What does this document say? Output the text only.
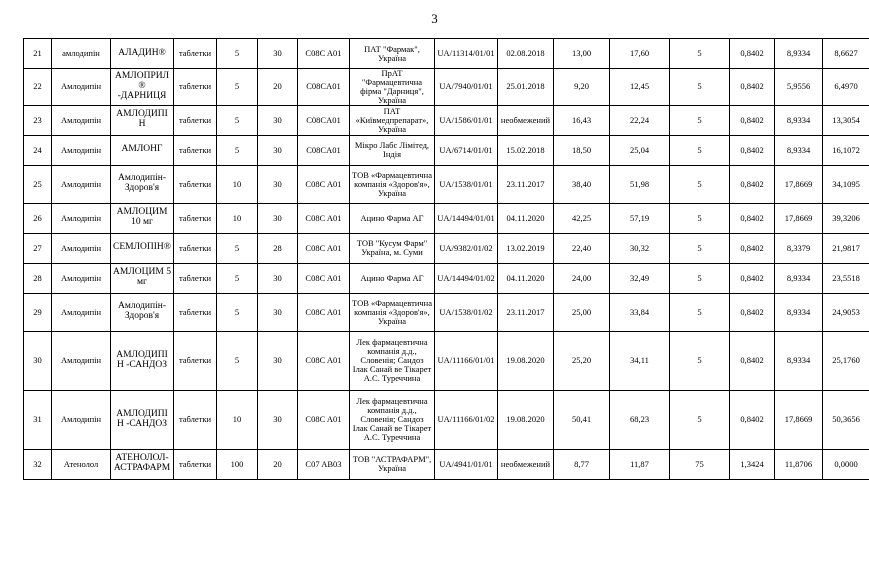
3
21	амлодипін	АЛАДИН®	таблетки	5	30	C08C A01	ПАТ "Фармак", Україна	UA/11314/01/01	02.08.2018	13,00	17,60	5	0,8402	8,9334	8,6627
22	Амлодипін	АМЛОПРИЛ® -ДАРНИЦЯ	таблетки	5	20	C08CA01	ПрАТ "Фармацевтична фірма "Дарниця", Україна	UA/7940/01/01	25.01.2018	9,20	12,45	5	0,8402	5,9556	6,4970
23	Амлодипін	АМЛОДИПІН	таблетки	5	30	C08CA01	ПАТ «Київмедпрепарат», Україна	UA/1586/01/01	необмежений	16,43	22,24	5	0,8402	8,9334	13,3054
24	Амлодипін	АМЛОНГ	таблетки	5	30	C08CA01	Мікро Лабс Лімітед, Індія	UA/6714/01/01	15.02.2018	18,50	25,04	5	0,8402	8,9334	16,1072
25	Амлодипін	Амлодипін-Здоров'я	таблетки	10	30	C08C A01	ТОВ «Фармацевтична компанія «Здоров'я», Україна	UA/1538/01/01	23.11.2017	38,40	51,98	5	0,8402	17,8669	34,1095
26	Амлодипін	АМЛОЦИМ 10 мг	таблетки	10	30	C08C A01	Ацино Фарма АГ	UA/14494/01/01	04.11.2020	42,25	57,19	5	0,8402	17,8669	39,3206
27	Амлодипін	СЕМЛОПІН®	таблетки	5	28	C08C A01	ТОВ "Кусум Фарм" Україна, м. Суми	UA/9382/01/02	13.02.2019	22,40	30,32	5	0,8402	8,3379	21,9817
28	Амлодипін	АМЛОЦИМ 5 мг	таблетки	5	30	C08C A01	Ацино Фарма АГ	UA/14494/01/02	04.11.2020	24,00	32,49	5	0,8402	8,9334	23,5518
29	Амлодипін	Амлодипін-Здоров'я	таблетки	5	30	C08C A01	ТОВ «Фармацевтична компанія «Здоров'я», Україна	UA/1538/01/02	23.11.2017	25,00	33,84	5	0,8402	8,9334	24,9053
30	Амлодипін	АМЛОДИПІН -САНДОЗ	таблетки	5	30	C08C A01	Лек фармацевтична компанія д.д., Словенія; Сандоз Ілак Санай ве Тікарет А.С. Туреччина	UA/11166/01/01	19.08.2020	25,20	34,11	5	0,8402	8,9334	25,1760
31	Амлодипін	АМЛОДИПІН -САНДОЗ	таблетки	10	30	C08C A01	Лек фармацевтична компанія д.д., Словенія; Сандоз Ілак Санай ве Тікарет А.С. Туреччина	UA/11166/01/02	19.08.2020	50,41	68,23	5	0,8402	17,8669	50,3656
32	Атенолол	АТЕНОЛОЛ-АСТРАФАРМ	таблетки	100	20	C07 AB03	ТОВ "АСТРАФАРМ", Україна	UA/4941/01/01	необмежений	8,77	11,87	75	1,3424	11,8706	0,0000
